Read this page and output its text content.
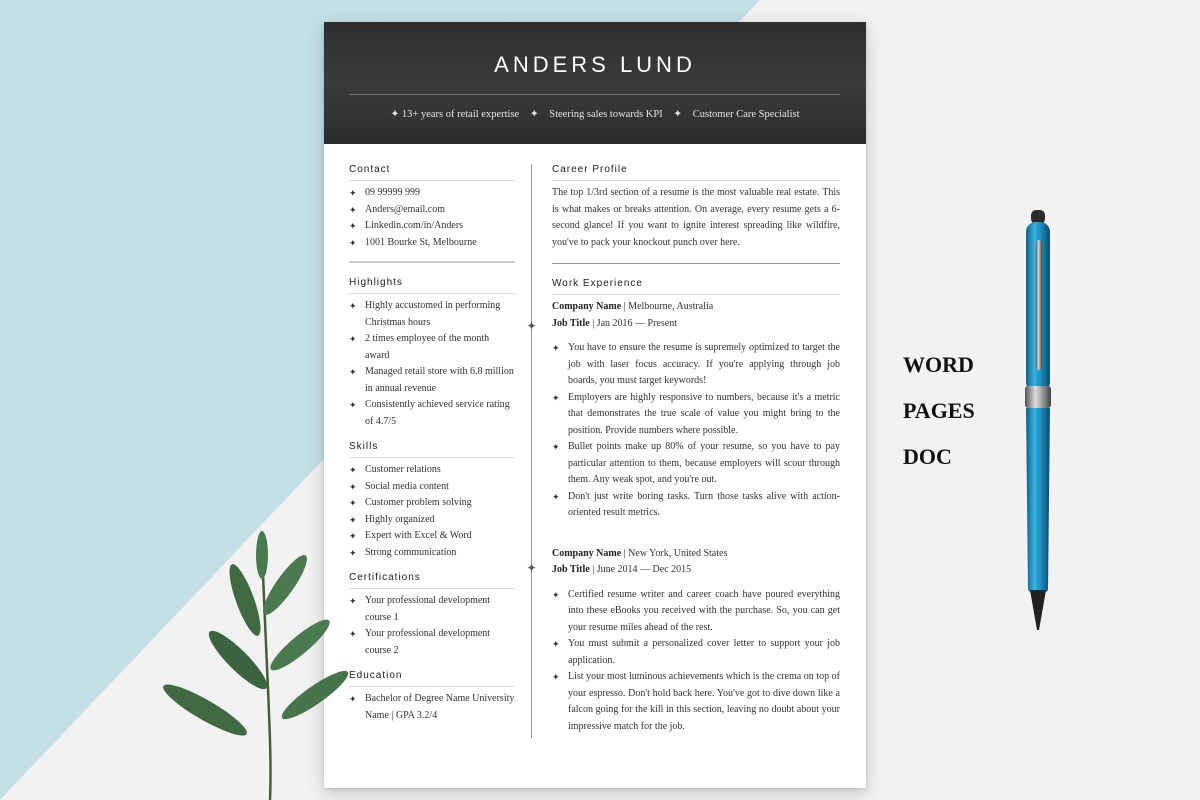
ANDERS LUND
✦ 13+ years of retail expertise ✦ Steering sales towards KPI ✦ Customer Care Specialist
Contact
✦ 09 99999 999
✦ Anders@email.com
✦ Linkedin.com/in/Anders
✦ 1001 Bourke St, Melbourne
Highlights
✦ Highly accustomed in performing Christmas hours
✦ 2 times employee of the month award
✦ Managed retail store with 6.8 million in annual revenue
✦ Consistently achieved service rating of 4.7/5
Skills
✦ Customer relations
✦ Social media content
✦ Customer problem solving
✦ Highly organized
✦ Expert with Excel & Word
✦ Strong communication
Certifications
✦ Your professional development course 1
✦ Your professional development course 2
Education
✦ Bachelor of Degree Name University Name | GPA 3.2/4
✦
✦
Career Profile

The top 1/3rd section of a resume is the most valuable real estate. This is what makes or breaks attention. On average, every resume gets a 6-second glance! If you want to ignite interest spreading like wildfire, you've to pack your knockout punch over here.

Work Experience
Company Name | Melbourne, Australia
Job Title | Jan 2016 — Present
✦ You have to ensure the resume is supremely optimized to target the job with laser focus accuracy. If you're applying through job boards, you must target keywords!
✦ Employers are highly responsive to numbers, because it's a metric that demonstrates the true scale of value you might bring to the position. Provide numbers where possible.
✦ Bullet points make up 80% of your resume, so you have to pay particular attention to them, because employers will scour through them. Any weak spot, and you're out.
✦ Don't just write boring tasks. Turn those tasks alive with action-oriented result metrics.
Company Name | New York, United States
Job Title | June 2014 — Dec 2015
✦ Certified resume writer and career coach have poured everything into these eBooks you received with the purchase. So, you can get your resume miles ahead of the rest.
✦ You must submit a personalized cover letter to support your job application.
✦ List your most luminous achievements which is the crema on top of your espresso. Don't hold back here. You've got to dive down like a falcon going for the kill in this section, leaving no doubt about your impressive match for the job.
WORD
PAGES
DOC
